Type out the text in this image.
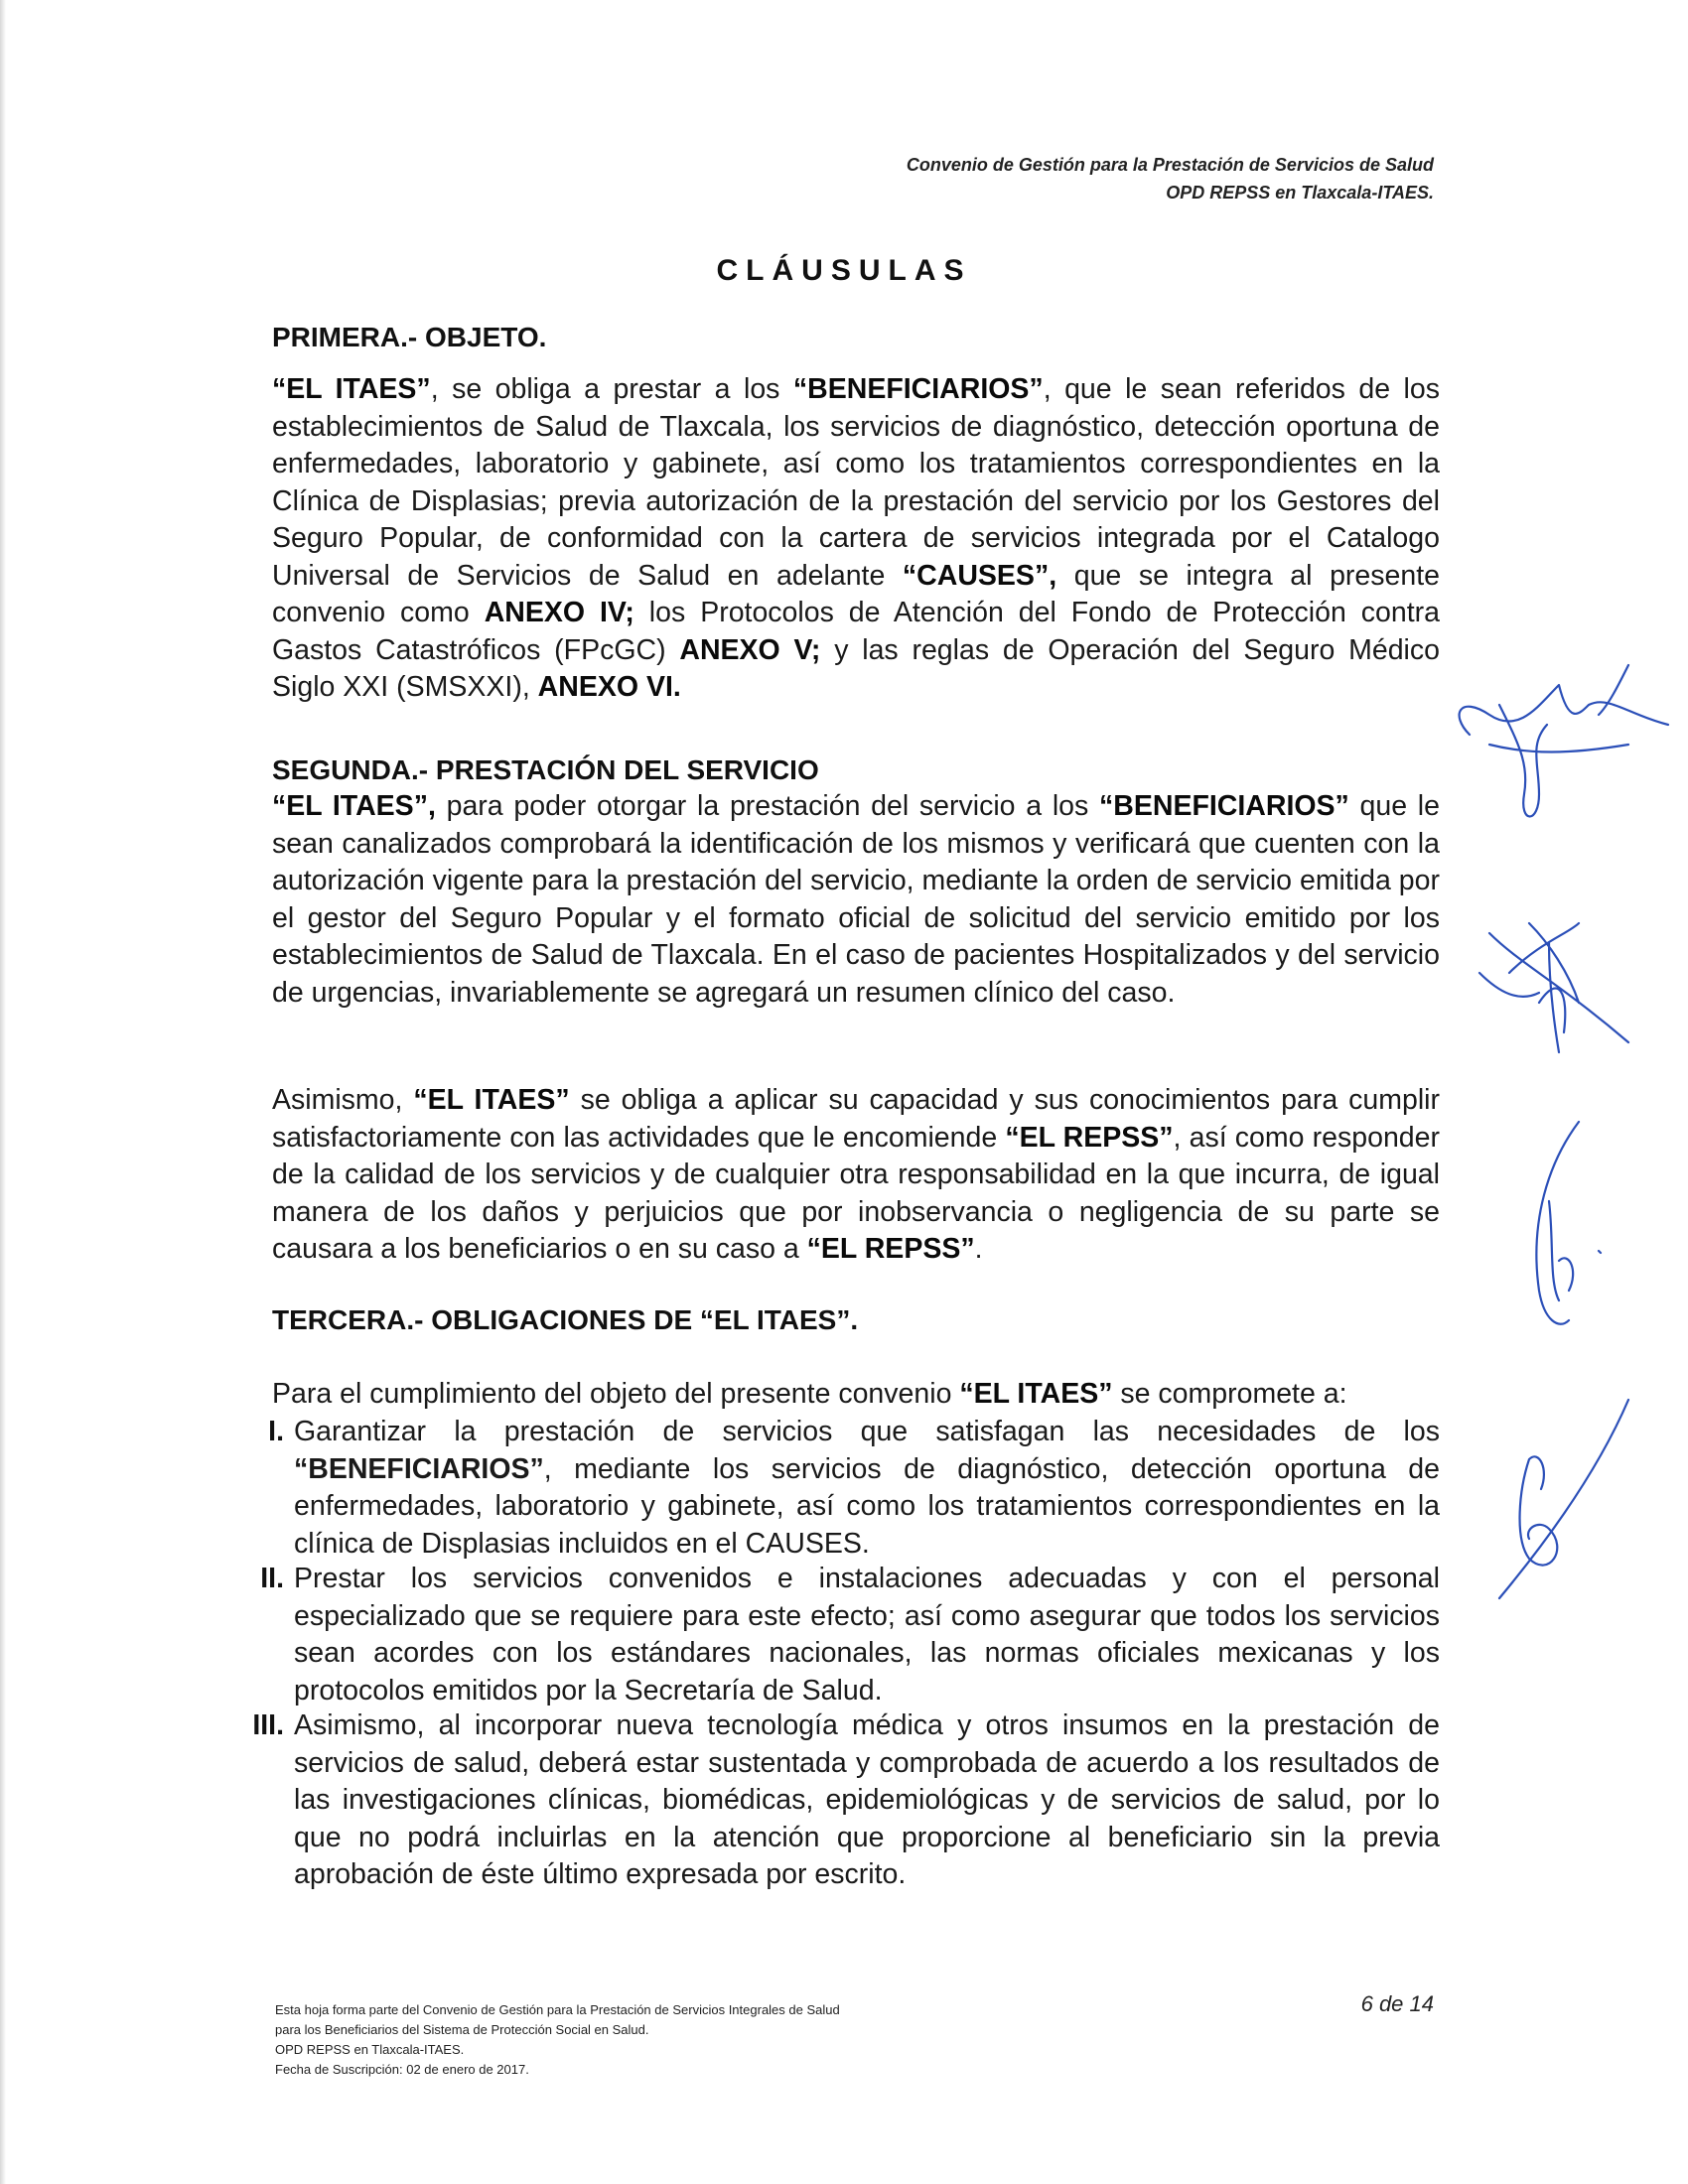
Convenio de Gestión para la Prestación de Servicios de Salud
OPD REPSS en Tlaxcala-ITAES.
CLÁUSULAS
PRIMERA.- OBJETO.
“EL ITAES”, se obliga a prestar a los “BENEFICIARIOS”, que le sean referidos de los establecimientos de Salud de Tlaxcala, los servicios de diagnóstico, detección oportuna de enfermedades, laboratorio y gabinete, así como los tratamientos correspondientes en la Clínica de Displasias; previa autorización de la prestación del servicio por los Gestores del Seguro Popular, de conformidad con la cartera de servicios integrada por el Catalogo Universal de Servicios de Salud en adelante “CAUSES”, que se integra al presente convenio como ANEXO IV; los Protocolos de Atención del Fondo de Protección contra Gastos Catastróficos (FPcGC) ANEXO V; y las reglas de Operación del Seguro Médico Siglo XXI (SMSXXI), ANEXO VI.
SEGUNDA.- PRESTACIÓN DEL SERVICIO
“EL ITAES”, para poder otorgar la prestación del servicio a los “BENEFICIARIOS” que le sean canalizados comprobará la identificación de los mismos y verificará que cuenten con la autorización vigente para la prestación del servicio, mediante la orden de servicio emitida por el gestor del Seguro Popular y el formato oficial de solicitud del servicio emitido por los establecimientos de Salud de Tlaxcala. En el caso de pacientes Hospitalizados y del servicio de urgencias, invariablemente se agregará un resumen clínico del caso.
Asimismo, “EL ITAES” se obliga a aplicar su capacidad y sus conocimientos para cumplir satisfactoriamente con las actividades que le encomiende “EL REPSS”, así como responder de la calidad de los servicios y de cualquier otra responsabilidad en la que incurra, de igual manera de los daños y perjuicios que por inobservancia o negligencia de su parte se causara a los beneficiarios o en su caso a “EL REPSS”.
TERCERA.- OBLIGACIONES DE “EL ITAES”.
Para el cumplimiento del objeto del presente convenio “EL ITAES” se compromete a:
I. Garantizar la prestación de servicios que satisfagan las necesidades de los “BENEFICIARIOS”, mediante los servicios de diagnóstico, detección oportuna de enfermedades, laboratorio y gabinete, así como los tratamientos correspondientes en la clínica de Displasias incluidos en el CAUSES.
II. Prestar los servicios convenidos e instalaciones adecuadas y con el personal especializado que se requiere para este efecto; así como asegurar que todos los servicios sean acordes con los estándares nacionales, las normas oficiales mexicanas y los protocolos emitidos por la Secretaría de Salud.
III. Asimismo, al incorporar nueva tecnología médica y otros insumos en la prestación de servicios de salud, deberá estar sustentada y comprobada de acuerdo a los resultados de las investigaciones clínicas, biomédicas, epidemiológicas y de servicios de salud, por lo que no podrá incluirlas en la atención que proporcione al beneficiario sin la previa aprobación de éste último expresada por escrito.
Esta hoja forma parte del Convenio de Gestión para la Prestación de Servicios Integrales de Salud
para los Beneficiarios del Sistema de Protección Social en Salud.
OPD REPSS en Tlaxcala-ITAES.
Fecha de Suscripción: 02 de enero de 2017.
6 de 14
